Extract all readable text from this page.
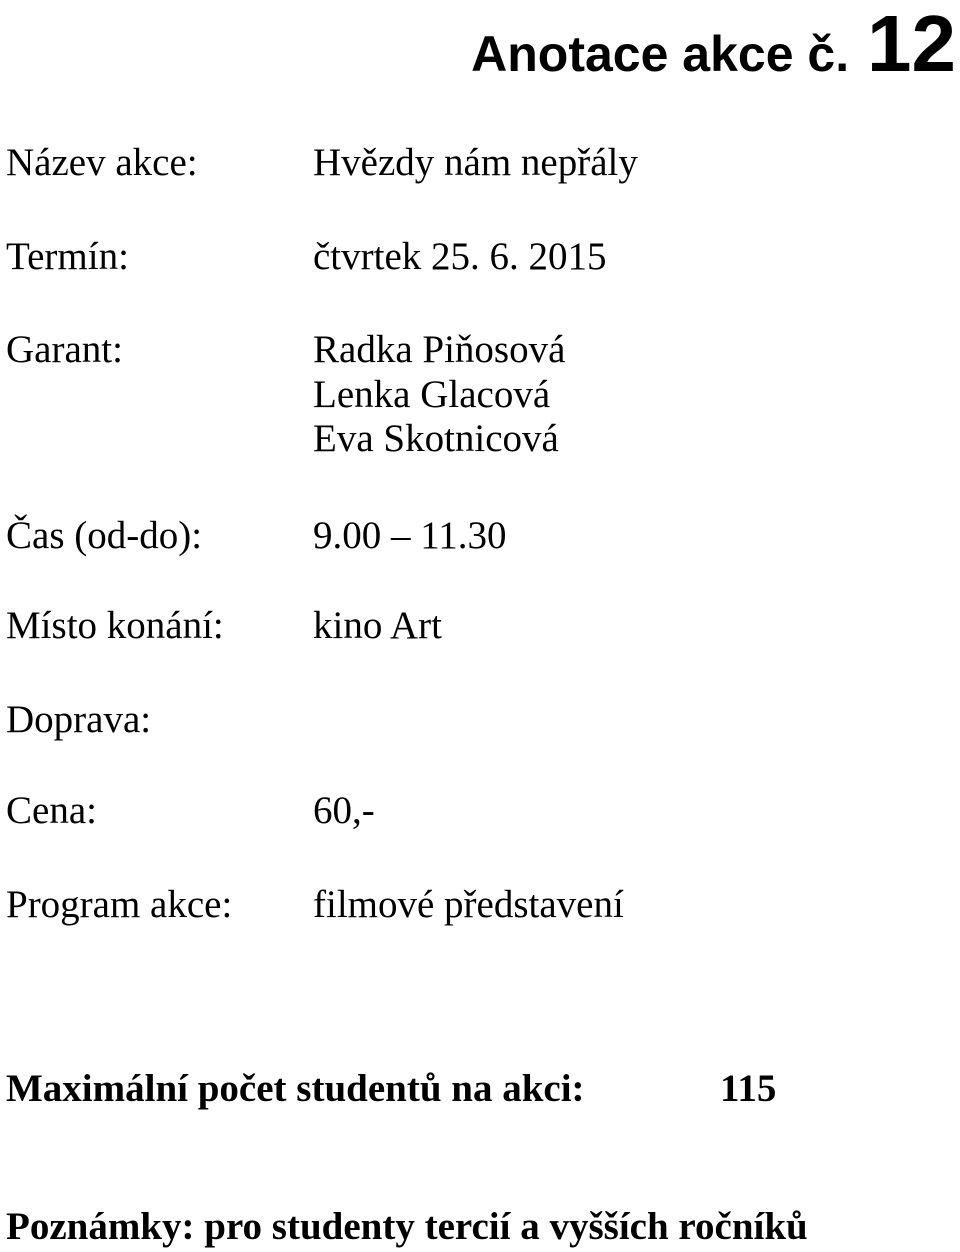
Anotace akce č. 12
Název akce:	Hvězdy nám nepřály
Termín:	čtvrtek 25. 6. 2015
Garant:	Radka Piňosová
Lenka Glacová
Eva Skotnicová
Čas (od-do):	9.00 – 11.30
Místo konání: kino Art
Doprava:
Cena:	60,-
Program akce: filmové představení
Maximální počet studentů na akci:	115
Poznámky: pro studenty tercií a vyšších ročníků
